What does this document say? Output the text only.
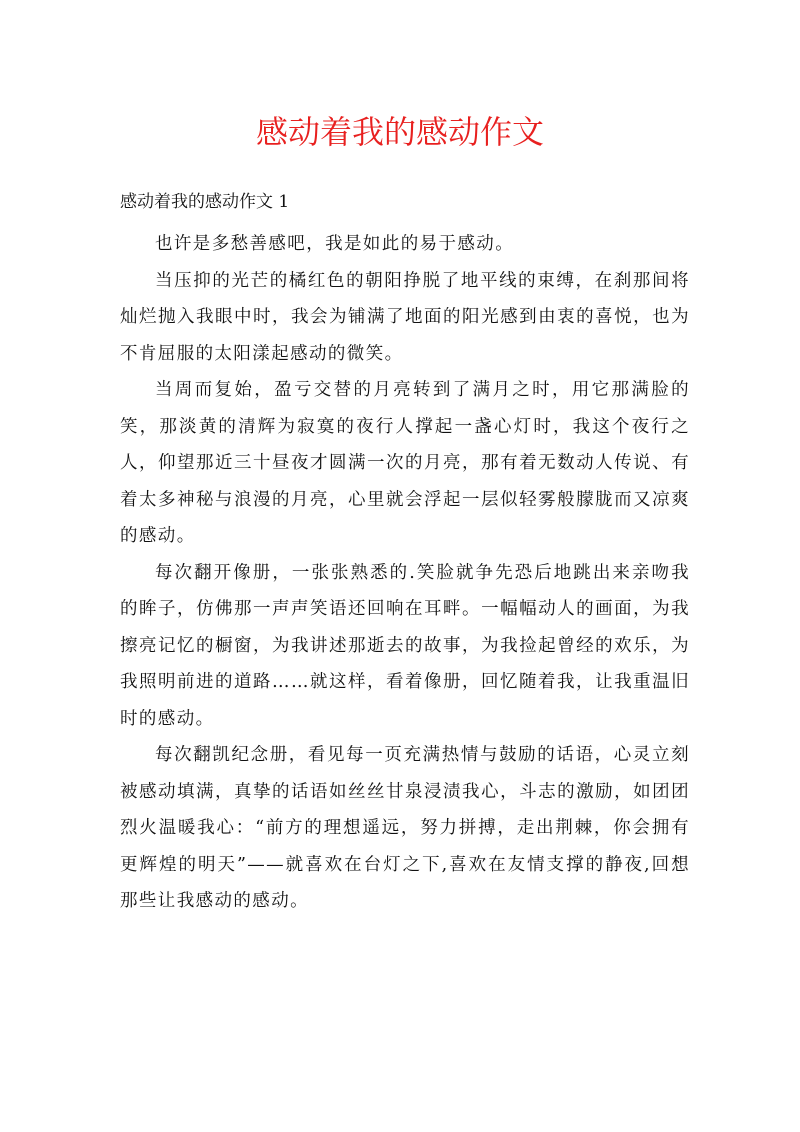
感动着我的感动作文

感动着我的感动作文 1

也许是多愁善感吧，我是如此的易于感动。

当压抑的光芒的橘红色的朝阳挣脱了地平线的束缚，在刹那间将灿烂抛入我眼中时，我会为铺满了地面的阳光感到由衷的喜悦，也为不肯屈服的太阳漾起感动的微笑。

当周而复始，盈亏交替的月亮转到了满月之时，用它那满脸的笑，那淡黄的清辉为寂寞的夜行人撑起一盏心灯时，我这个夜行之人，仰望那近三十昼夜才圆满一次的月亮，那有着无数动人传说、有着太多神秘与浪漫的月亮，心里就会浮起一层似轻雾般朦胧而又凉爽的感动。

每次翻开像册，一张张熟悉的.笑脸就争先恐后地跳出来亲吻我的眸子，仿佛那一声声笑语还回响在耳畔。一幅幅动人的画面，为我擦亮记忆的橱窗，为我讲述那逝去的故事，为我捡起曾经的欢乐，为我照明前进的道路……就这样，看着像册，回忆随着我，让我重温旧时的感动。

每次翻凯纪念册，看见每一页充满热情与鼓励的话语，心灵立刻被感动填满，真挚的话语如丝丝甘泉浸渍我心，斗志的激励，如团团烈火温暖我心：“前方的理想遥远，努力拼搏，走出荆棘，你会拥有更辉煌的明天”——就喜欢在台灯之下,喜欢在友情支撑的静夜,回想那些让我感动的感动。
